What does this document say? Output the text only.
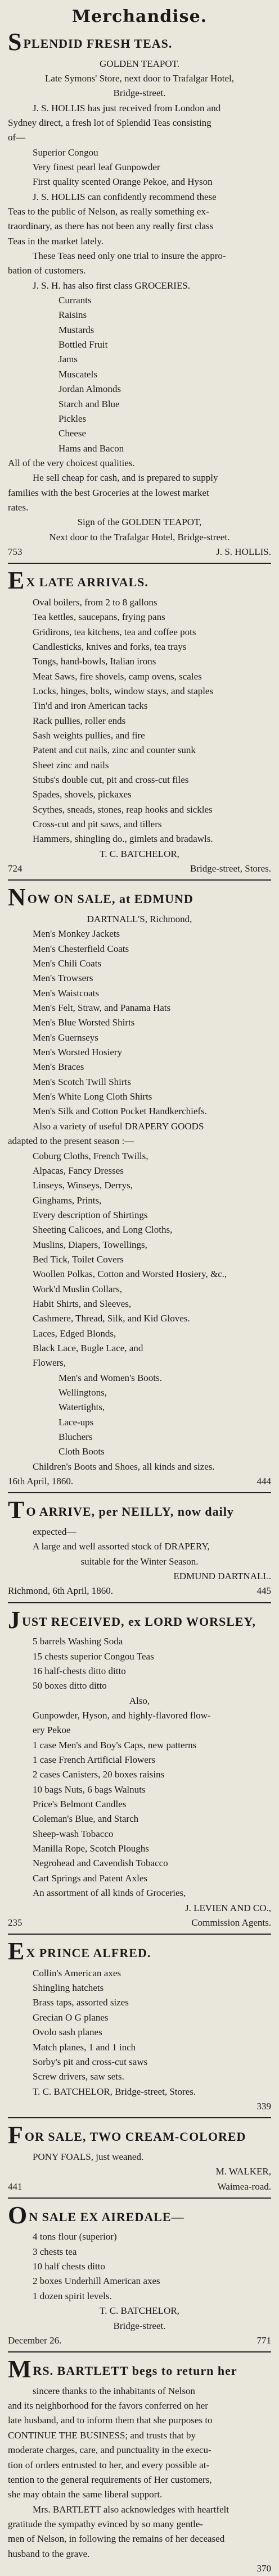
Merchandise.
SPLENDID FRESH TEAS.
GOLDEN TEAPOT.
Late Symons' Store, next door to Trafalgar Hotel,
Bridge-street.
J. S. HOLLIS has just received from London and
Sydney direct, a fresh lot of Splendid Teas consisting
of—
Superior Congou
Very finest pearl leaf Gunpowder
First quality scented Orange Pekoe, and Hyson
J. S. HOLLIS can confidently recommend these
Teas to the public of Nelson, as really something ex-
traordinary, as there has not been any really first class
Teas in the market lately.
These Teas need only one trial to insure the appro-
bation of customers.
J. S. H. has also first class GROCERIES.
Currants
Raisins
Mustards
Bottled Fruit
Jams
Muscatels
Jordan Almonds
Starch and Blue
Pickles
Cheese
Hams and Bacon
All of the very choicest qualities.
He sell cheap for cash, and is prepared to supply
families with the best Groceries at the lowest market
rates.
Sign of the GOLDEN TEAPOT,
Next door to the Trafalgar Hotel, Bridge-street.
753	J. S. HOLLIS.
EX LATE ARRIVALS.
Oval boilers, from 2 to 8 gallons
Tea kettles, saucepans, frying pans
Gridirons, tea kitchens, tea and coffee pots
Candlesticks, knives and forks, tea trays
Tongs, hand-bowls, Italian irons
Meat Saws, fire shovels, camp ovens, scales
Locks, hinges, bolts, window stays, and staples
Tin'd and iron American tacks
Rack pullies, roller ends
Sash weights pullies, and fire
Patent and cut nails, zinc and counter sunk
Sheet zinc and nails
Stubs's double cut, pit and cross-cut files
Spades, shovels, pickaxes
Scythes, sneads, stones, reap hooks and sickles
Cross-cut and pit saws, and tillers
Hammers, shingling do., gimlets and bradawls.
T. C. BATCHELOR,
724	Bridge-street, Stores.
NOW ON SALE, at EDMUND
DARTNALL'S, Richmond,
Men's Monkey Jackets
Men's Chesterfield Coats
Men's Chili Coats
Men's Trowsers
Men's Waistcoats
Men's Felt, Straw, and Panama Hats
Men's Blue Worsted Shirts
Men's Guernseys
Men's Worsted Hosiery
Men's Braces
Men's Scotch Twill Shirts
Men's White Long Cloth Shirts
Men's Silk and Cotton Pocket Handkerchiefs.
Also a variety of useful DRAPERY GOODS
adapted to the present season :—
Coburg Cloths, French Twills,
Alpacas, Fancy Dresses
Linseys, Winseys, Derrys,
Ginghams, Prints,
Every description of Shirtings
Sheeting Calicoes, and Long Cloths,
Muslins, Diapers, Towellings,
Bed Tick, Toilet Covers
Woollen Polkas, Cotton and Worsted Hosiery, &c.,
Work'd Muslin Collars,
Habit Shirts, and Sleeves,
Cashmere, Thread, Silk, and Kid Gloves.
Laces, Edged Blonds,
Black Lace, Bugle Lace, and
Flowers,
Men's and Women's Boots.
Wellingtons,
Watertights,
Lace-ups
Bluchers
Cloth Boots
Children's Boots and Shoes, all kinds and sizes.
16th April, 1860.	444
TO ARRIVE, per NEILLY, now daily
expected—
A large and well assorted stock of DRAPERY,
suitable for the Winter Season.
EDMUND DARTNALL.
Richmond, 6th April, 1860.	445
JUST RECEIVED, ex LORD WORSLEY,
5 barrels Washing Soda
15 chests superior Congou Teas
16 half-chests ditto ditto
50 boxes ditto ditto
Also,
Gunpowder, Hyson, and highly-flavored flow-
ery Pekoe
1 case Men's and Boy's Caps, new patterns
1 case French Artificial Flowers
2 cases Canisters, 20 boxes raisins
10 bags Nuts, 6 bags Walnuts
Price's Belmont Candles
Coleman's Blue, and Starch
Sheep-wash Tobacco
Manilla Rope, Scotch Ploughs
Negrohead and Cavendish Tobacco
Cart Springs and Patent Axles
An assortment of all kinds of Groceries,
J. LEVIEN AND CO.,
235	Commission Agents.
EX PRINCE ALFRED.
Collin's American axes
Shingling hatchets
Brass taps, assorted sizes
Grecian O G planes
Ovolo sash planes
Match planes, 1 and 1 inch
Sorby's pit and cross-cut saws
Screw drivers, saw sets.
T. C. BATCHELOR, Bridge-street, Stores.
339
FOR SALE, TWO CREAM-COLORED
PONY FOALS, just weaned.
M. WALKER,
441	Waimea-road.
ON SALE EX AIREDALE—
4 tons flour (superior)
3 chests tea
10 half chests ditto
2 boxes Underhill American axes
1 dozen spirit levels.
T. C. BATCHELOR,
Bridge-street.
December 26.	771
MRS. BARTLETT begs to return her
sincere thanks to the inhabitants of Nelson
and its neighborhood for the favors conferred on her
late husband, and to inform them that she purposes to
CONTINUE THE BUSINESS; and trusts that by
moderate charges, care, and punctuality in the execu-
tion of orders entrusted to her, and every possible at-
tention to the general requirements of Her customers,
she may obtain the same liberal support.
Mrs. BARTLETT also acknowledges with heartfelt
gratitude the sympathy evinced by so many gentle-
men of Nelson, in following the remains of her deceased
husband to the grave.
370
